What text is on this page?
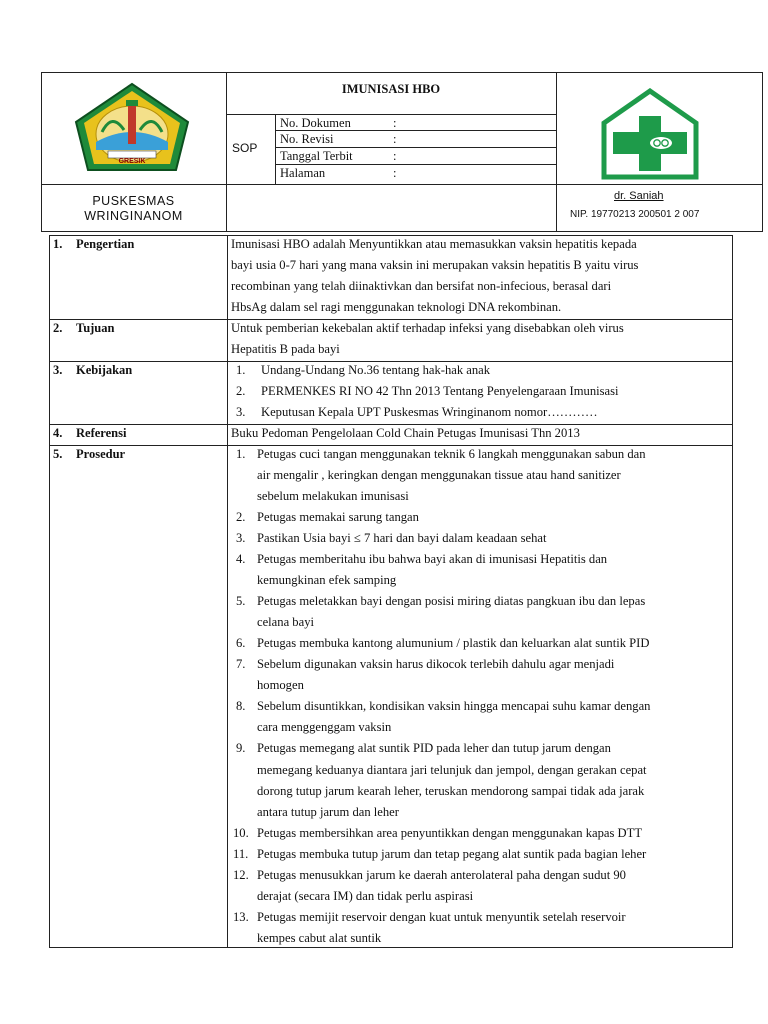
GRESIK
IMUNISASI HBO
SOP
No. Dokumen	:
No. Revisi	:
Tanggal Terbit	:
Halaman	:
PUSKESMAS
WRINGINANOM
dr. Saniah
NIP. 19770213 200501 2 007
1. Pengertian	Imunisasi HBO adalah Menyuntikkan atau memasukkan vaksin hepatitis kepada
bayi usia 0-7 hari yang mana vaksin ini merupakan vaksin hepatitis B yaitu virus
recombinan yang telah diinaktivkan dan bersifat non-infecious, berasal dari
HbsAg dalam sel ragi menggunakan teknologi DNA rekombinan.
2. Tujuan	Untuk pemberian kekebalan aktif terhadap infeksi yang disebabkan oleh virus
Hepatitis B pada bayi
3. Kebijakan	1. Undang-Undang No.36 tentang hak-hak anak
2. PERMENKES RI NO 42 Thn 2013 Tentang Penyelengaraan Imunisasi
3. Keputusan Kepala UPT Puskesmas Wringinanom nomor…………
4. Referensi	Buku Pedoman Pengelolaan Cold Chain Petugas Imunisasi Thn 2013
5. Prosedur	1. Petugas cuci tangan menggunakan teknik 6 langkah menggunakan sabun dan
air mengalir , keringkan dengan menggunakan tissue atau hand sanitizer
sebelum melakukan imunisasi
2. Petugas memakai sarung tangan
3. Pastikan Usia bayi ≤ 7 hari dan bayi dalam keadaan sehat
4. Petugas memberitahu ibu bahwa bayi akan di imunisasi Hepatitis dan
kemungkinan efek samping
5. Petugas meletakkan bayi dengan posisi miring diatas pangkuan ibu dan lepas
celana bayi
6. Petugas membuka kantong alumunium / plastik dan keluarkan alat suntik PID
7. Sebelum digunakan vaksin harus dikocok terlebih dahulu agar menjadi
homogen
8. Sebelum disuntikkan, kondisikan vaksin hingga mencapai suhu kamar dengan
cara menggenggam vaksin
9. Petugas memegang alat suntik PID pada leher dan tutup jarum dengan
memegang keduanya diantara jari telunjuk dan jempol, dengan gerakan cepat
dorong tutup jarum kearah leher, teruskan mendorong sampai tidak ada jarak
antara tutup jarum dan leher
10. Petugas membersihkan area penyuntikkan dengan menggunakan kapas DTT
11. Petugas membuka tutup jarum dan tetap pegang alat suntik pada bagian leher
12. Petugas menusukkan jarum ke daerah anterolateral paha dengan sudut 90
derajat (secara IM) dan tidak perlu aspirasi
13. Petugas memijit reservoir dengan kuat untuk menyuntik setelah reservoir
kempes cabut alat suntik
